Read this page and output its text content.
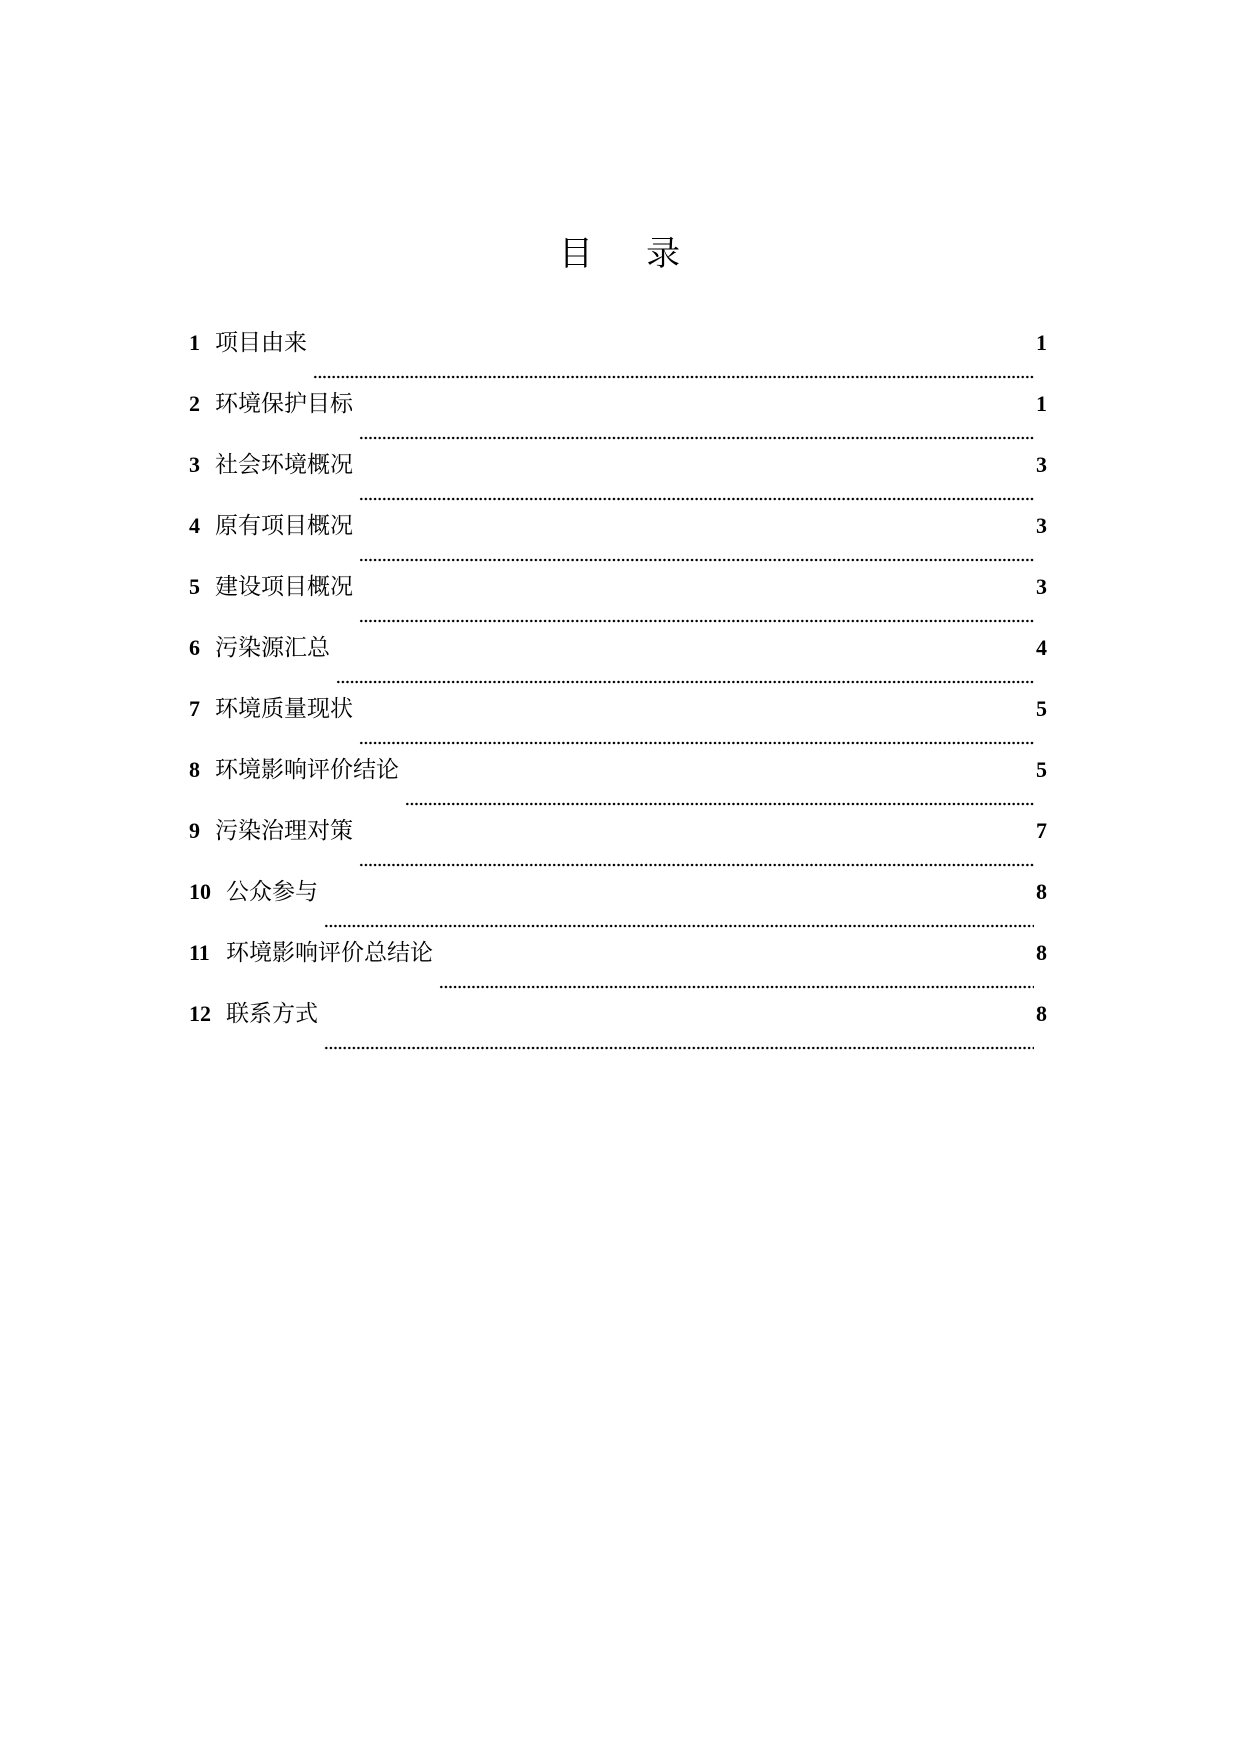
目    录
1 项目由来	1
2 环境保护目标	1
3 社会环境概况	3
4 原有项目概况	3
5 建设项目概况	3
6 污染源汇总	4
7 环境质量现状	5
8 环境影响评价结论	5
9 污染治理对策	7
10 公众参与	8
11 环境影响评价总结论	8
12 联系方式	8
